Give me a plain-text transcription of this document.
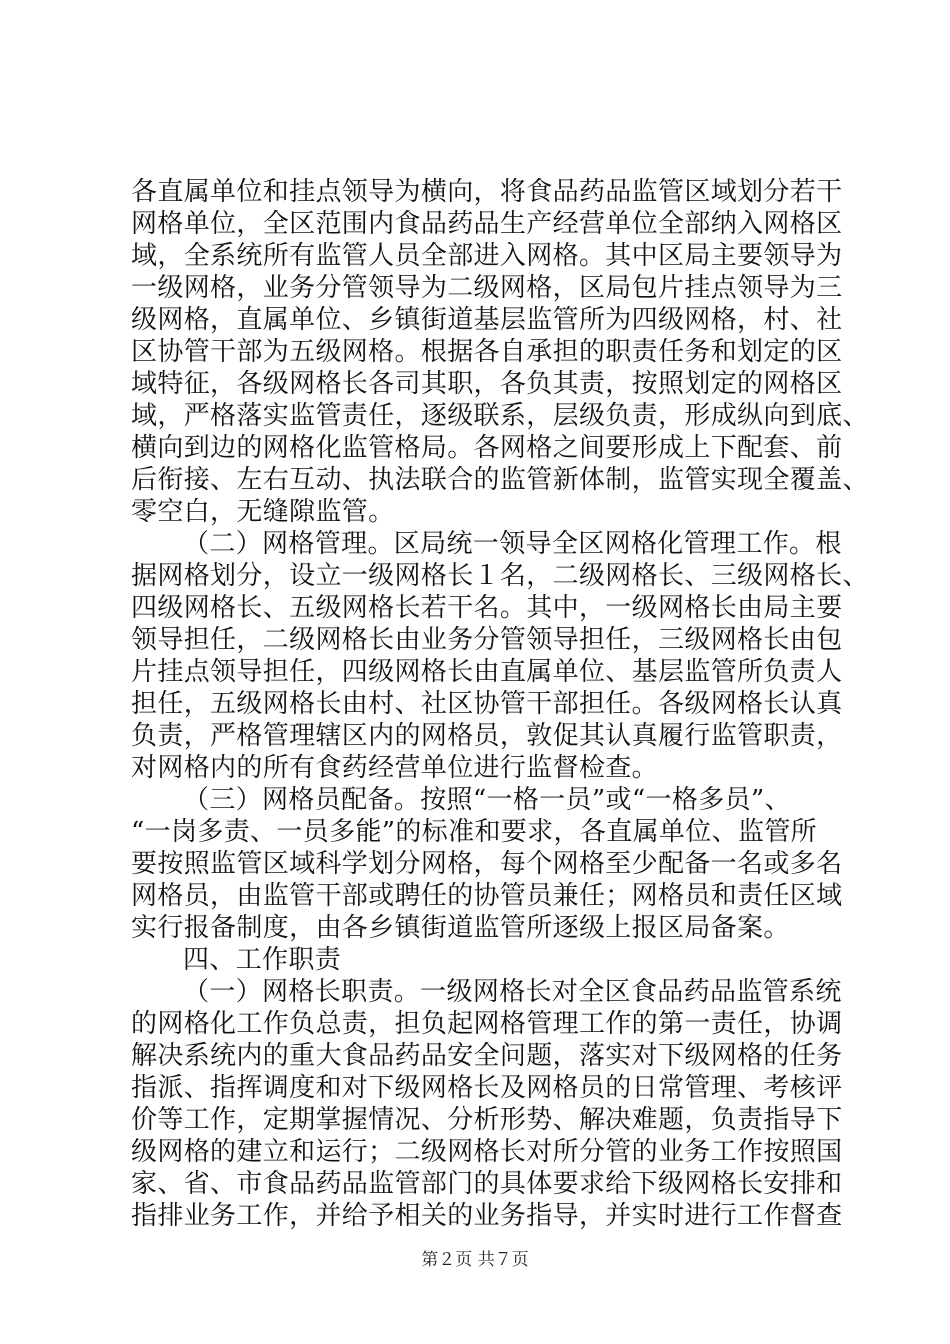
各直属单位和挂点领导为横向，将食品药品监管区域划分若干
网格单位，全区范围内食品药品生产经营单位全部纳入网格区
域，全系统所有监管人员全部进入网格。其中区局主要领导为
一级网格，业务分管领导为二级网格，区局包片挂点领导为三
级网格，直属单位、乡镇街道基层监管所为四级网格，村、社
区协管干部为五级网格。根据各自承担的职责任务和划定的区
域特征，各级网格长各司其职，各负其责，按照划定的网格区
域，严格落实监管责任，逐级联系，层级负责，形成纵向到底、
横向到边的网格化监管格局。各网格之间要形成上下配套、前
后衔接、左右互动、执法联合的监管新体制，监管实现全覆盖、
零空白，无缝隙监管。
（二）网格管理。区局统一领导全区网格化管理工作。根
据网格划分，设立一级网格长１名，二级网格长、三级网格长、
四级网格长、五级网格长若干名。其中，一级网格长由局主要
领导担任，二级网格长由业务分管领导担任，三级网格长由包
片挂点领导担任，四级网格长由直属单位、基层监管所负责人
担任，五级网格长由村、社区协管干部担任。各级网格长认真
负责，严格管理辖区内的网格员，敦促其认真履行监管职责，
对网格内的所有食药经营单位进行监督检查。
（三）网格员配备。按照“一格一员”或“一格多员”、
“一岗多责、一员多能”的标准和要求，各直属单位、监管所
要按照监管区域科学划分网格，每个网格至少配备一名或多名
网格员，由监管干部或聘任的协管员兼任；网格员和责任区域
实行报备制度，由各乡镇街道监管所逐级上报区局备案。
四、工作职责
（一）网格长职责。一级网格长对全区食品药品监管系统
的网格化工作负总责，担负起网格管理工作的第一责任，协调
解决系统内的重大食品药品安全问题，落实对下级网格的任务
指派、指挥调度和对下级网格长及网格员的日常管理、考核评
价等工作，定期掌握情况、分析形势、解决难题，负责指导下
级网格的建立和运行；二级网格长对所分管的业务工作按照国
家、省、市食品药品监管部门的具体要求给下级网格长安排和
指排业务工作，并给予相关的业务指导，并实时进行工作督查
第２页 共７页
